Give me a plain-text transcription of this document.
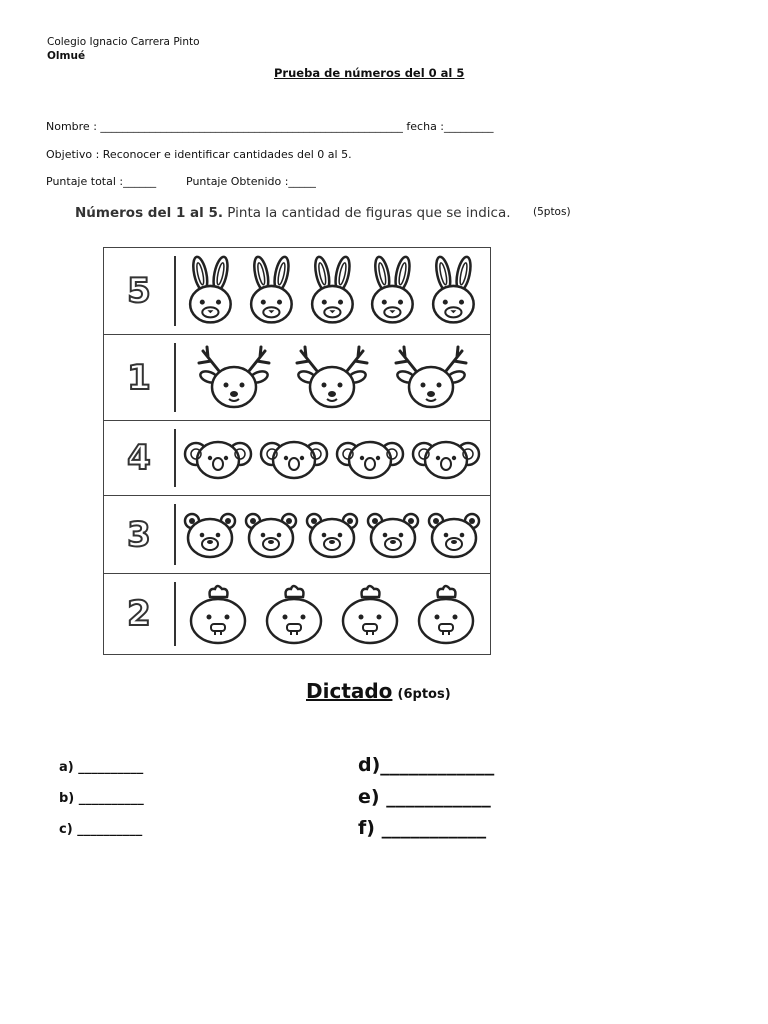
Colegio Ignacio Carrera Pinto
Olmué
Prueba de números del 0 al 5
Nombre : _______________________________________________________ fecha :_________
Objetivo : Reconocer e identificar cantidades del 0 al 5.
Puntaje total :______	Puntaje Obtenido :_____
Números del 1 al 5. Pinta la cantidad de figuras que se indica. (5ptos)
5
1
4
3
2
Dictado (6ptos)
a) __________
b) __________
c) __________
d)____________
e) ___________
f) ___________
